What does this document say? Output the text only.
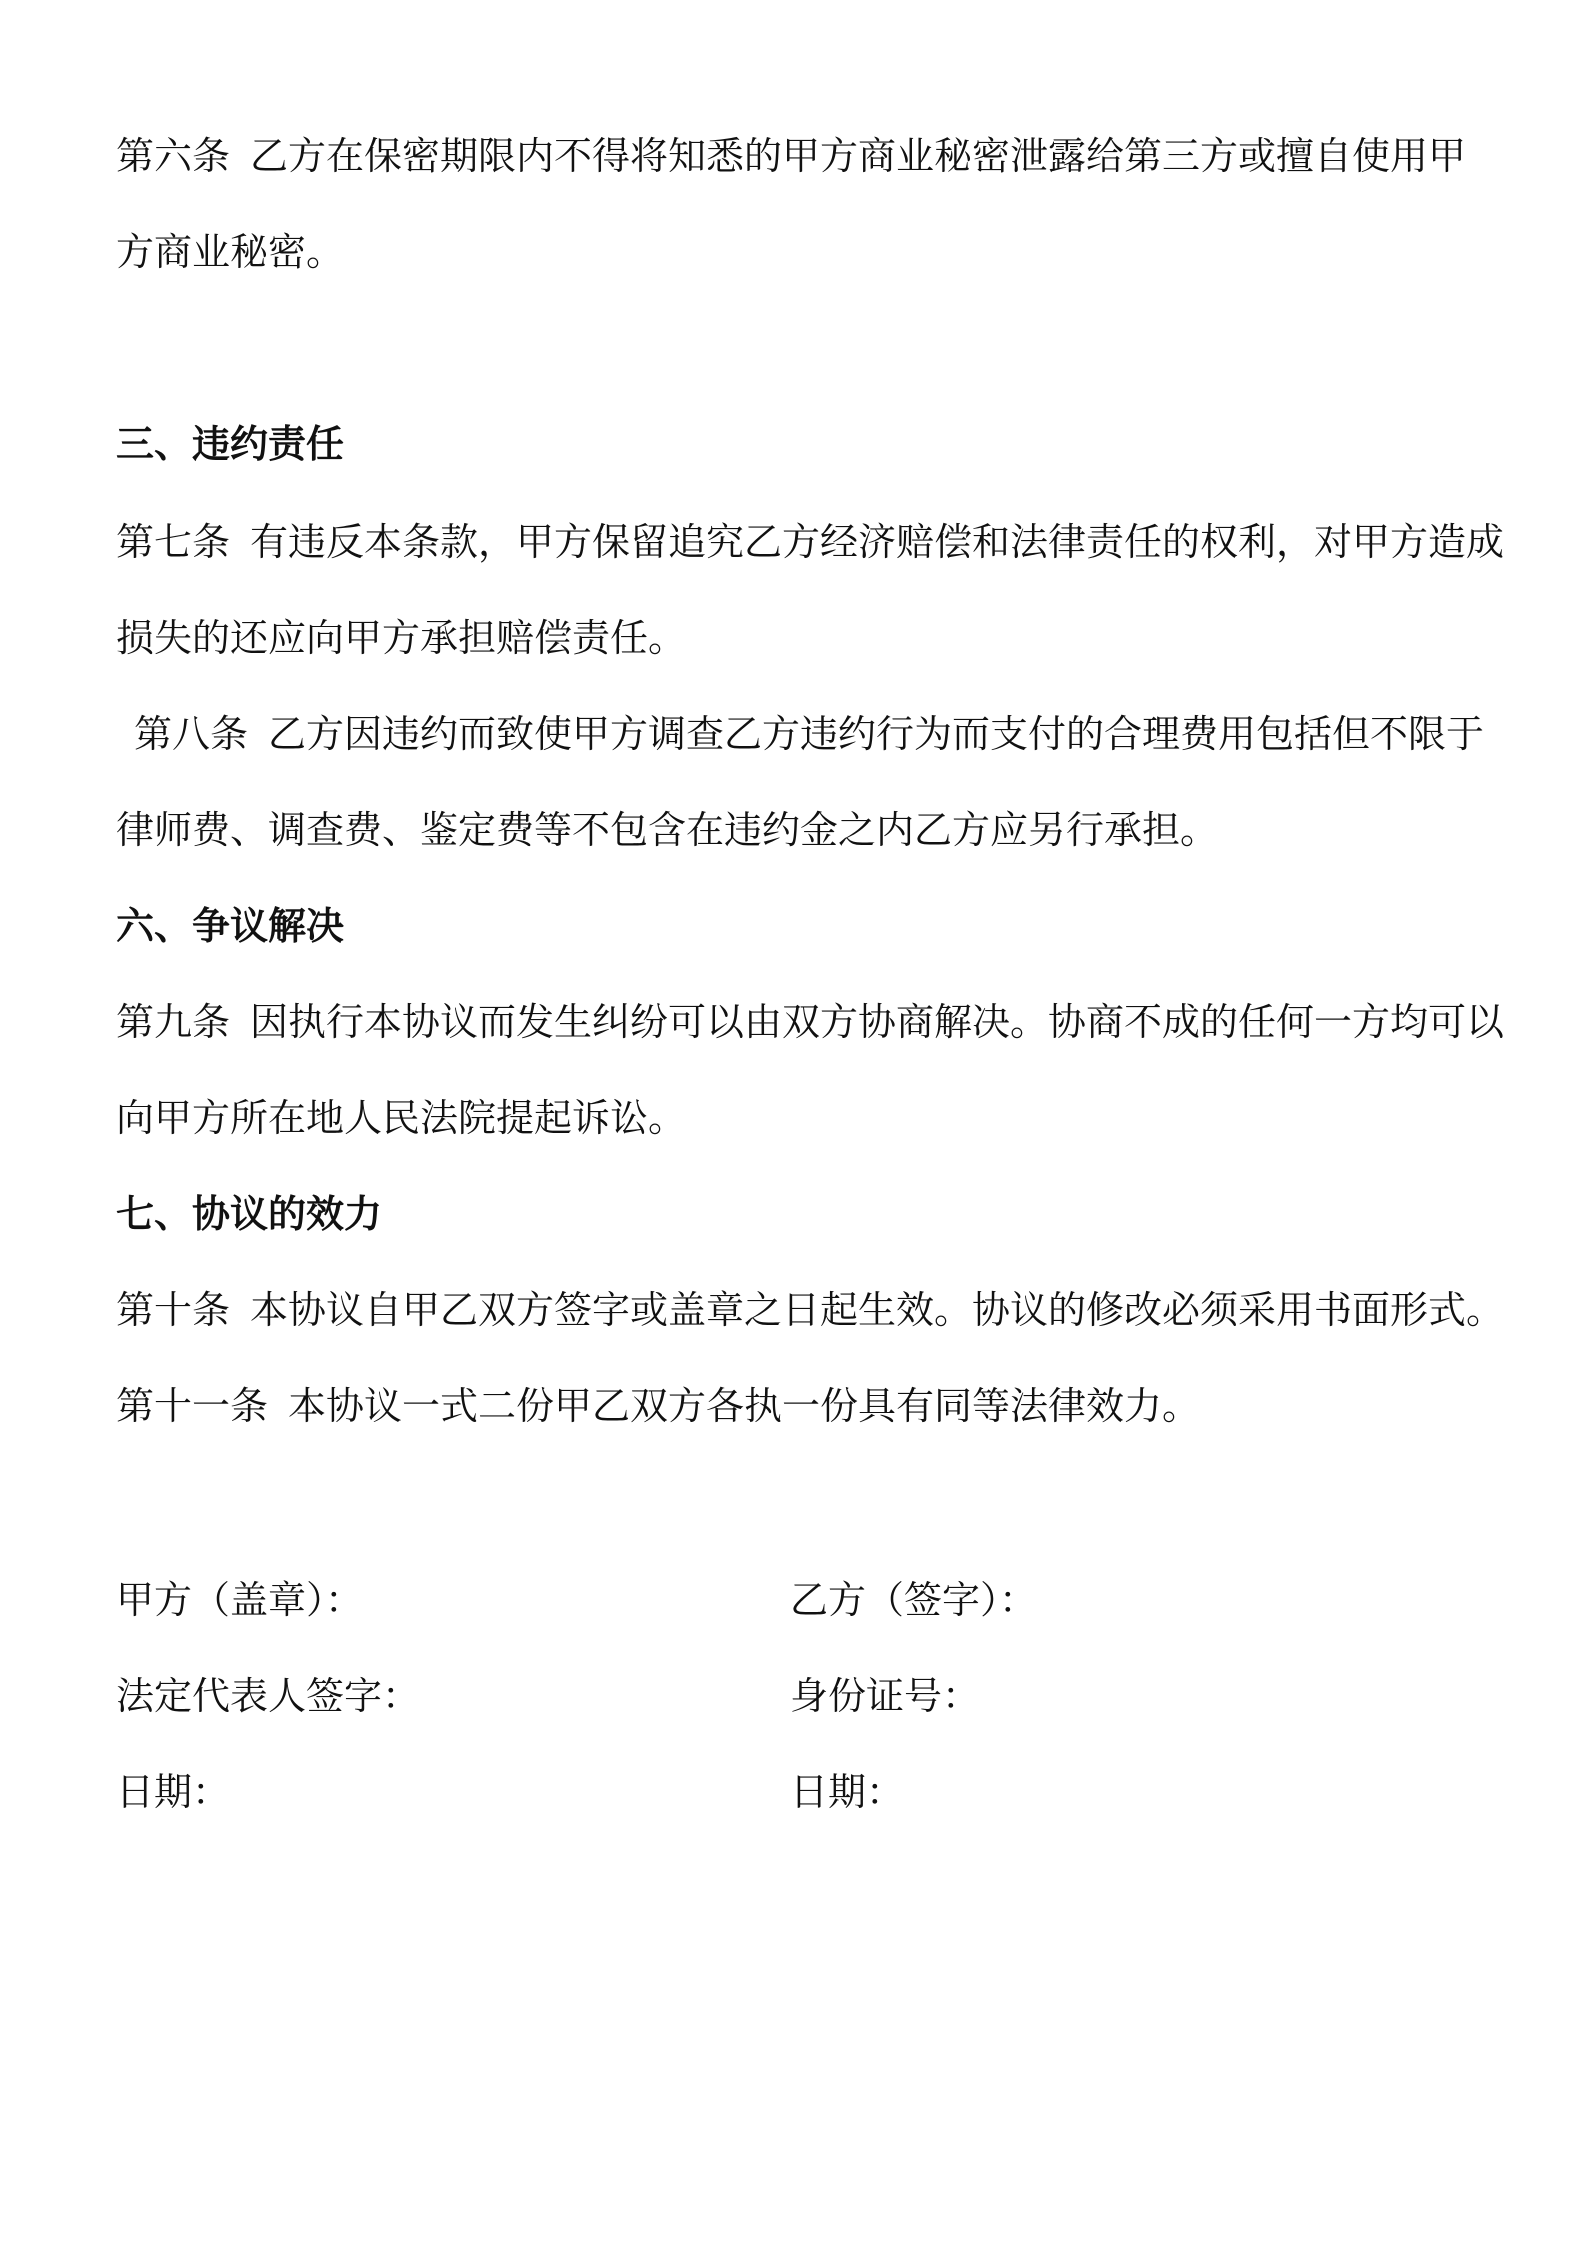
第六条 乙方在保密期限内不得将知悉的甲方商业秘密泄露给第三方或擅自使用甲
方商业秘密。
三、违约责任
第七条 有违反本条款，甲方保留追究乙方经济赔偿和法律责任的权利，对甲方造成
损失的还应向甲方承担赔偿责任。
第八条 乙方因违约而致使甲方调查乙方违约行为而支付的合理费用包括但不限于
律师费、调查费、鉴定费等不包含在违约金之内乙方应另行承担。
六、争议解决
第九条 因执行本协议而发生纠纷可以由双方协商解决。协商不成的任何一方均可以
向甲方所在地人民法院提起诉讼。
七、协议的效力
第十条 本协议自甲乙双方签字或盖章之日起生效。协议的修改必须采用书面形式。
第十一条 本协议一式二份甲乙双方各执一份具有同等法律效力。
甲方（盖章）：	乙方（签字）：
法定代表人签字：	身份证号：
日期：	日期：
